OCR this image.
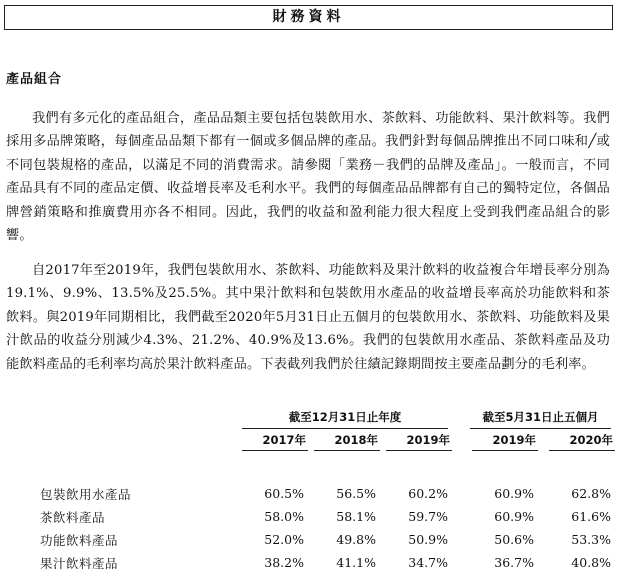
財務資料
產品組合
我們有多元化的產品組合，產品品類主要包括包裝飲用水、茶飲料、功能飲料、果汁飲料等。我們採用多品牌策略，每個產品品類下都有一個或多個品牌的產品。我們針對每個品牌推出不同口味和╱或不同包裝規格的產品，以滿足不同的消費需求。請參閱「業務－我們的品牌及產品」。一般而言，不同產品具有不同的產品定價、收益增長率及毛利水平。我們的每個產品品牌都有自己的獨特定位，各個品牌營銷策略和推廣費用亦各不相同。因此，我們的收益和盈利能力很大程度上受到我們產品組合的影響。
自2017年至2019年，我們包裝飲用水、茶飲料、功能飲料及果汁飲料的收益複合年增長率分別為19.1%、9.9%、13.5%及25.5%。其中果汁飲料和包裝飲用水產品的收益增長率高於功能飲料和茶飲料。與2019年同期相比，我們截至2020年5月31日止五個月的包裝飲用水、茶飲料、功能飲料及果汁飲品的收益分別減少4.3%、21.2%、40.9%及13.6%。我們的包裝飲用水產品、茶飲料產品及功能飲料產品的毛利率均高於果汁飲料產品。下表截列我們於往績記錄期間按主要產品劃分的毛利率。

	截至12月31日止年度				截至5月31日止五個月	

	2017年	2018年	2019年		2019年	2020年

包裝飲用水產品	60.5%	56.5%	60.2%		60.9%	62.8%
茶飲料產品	58.0%	58.1%	59.7%		60.9%	61.6%
功能飲料產品	52.0%	49.8%	50.9%		50.6%	53.3%
果汁飲料產品	38.2%	41.1%	34.7%		36.7%	40.8%
